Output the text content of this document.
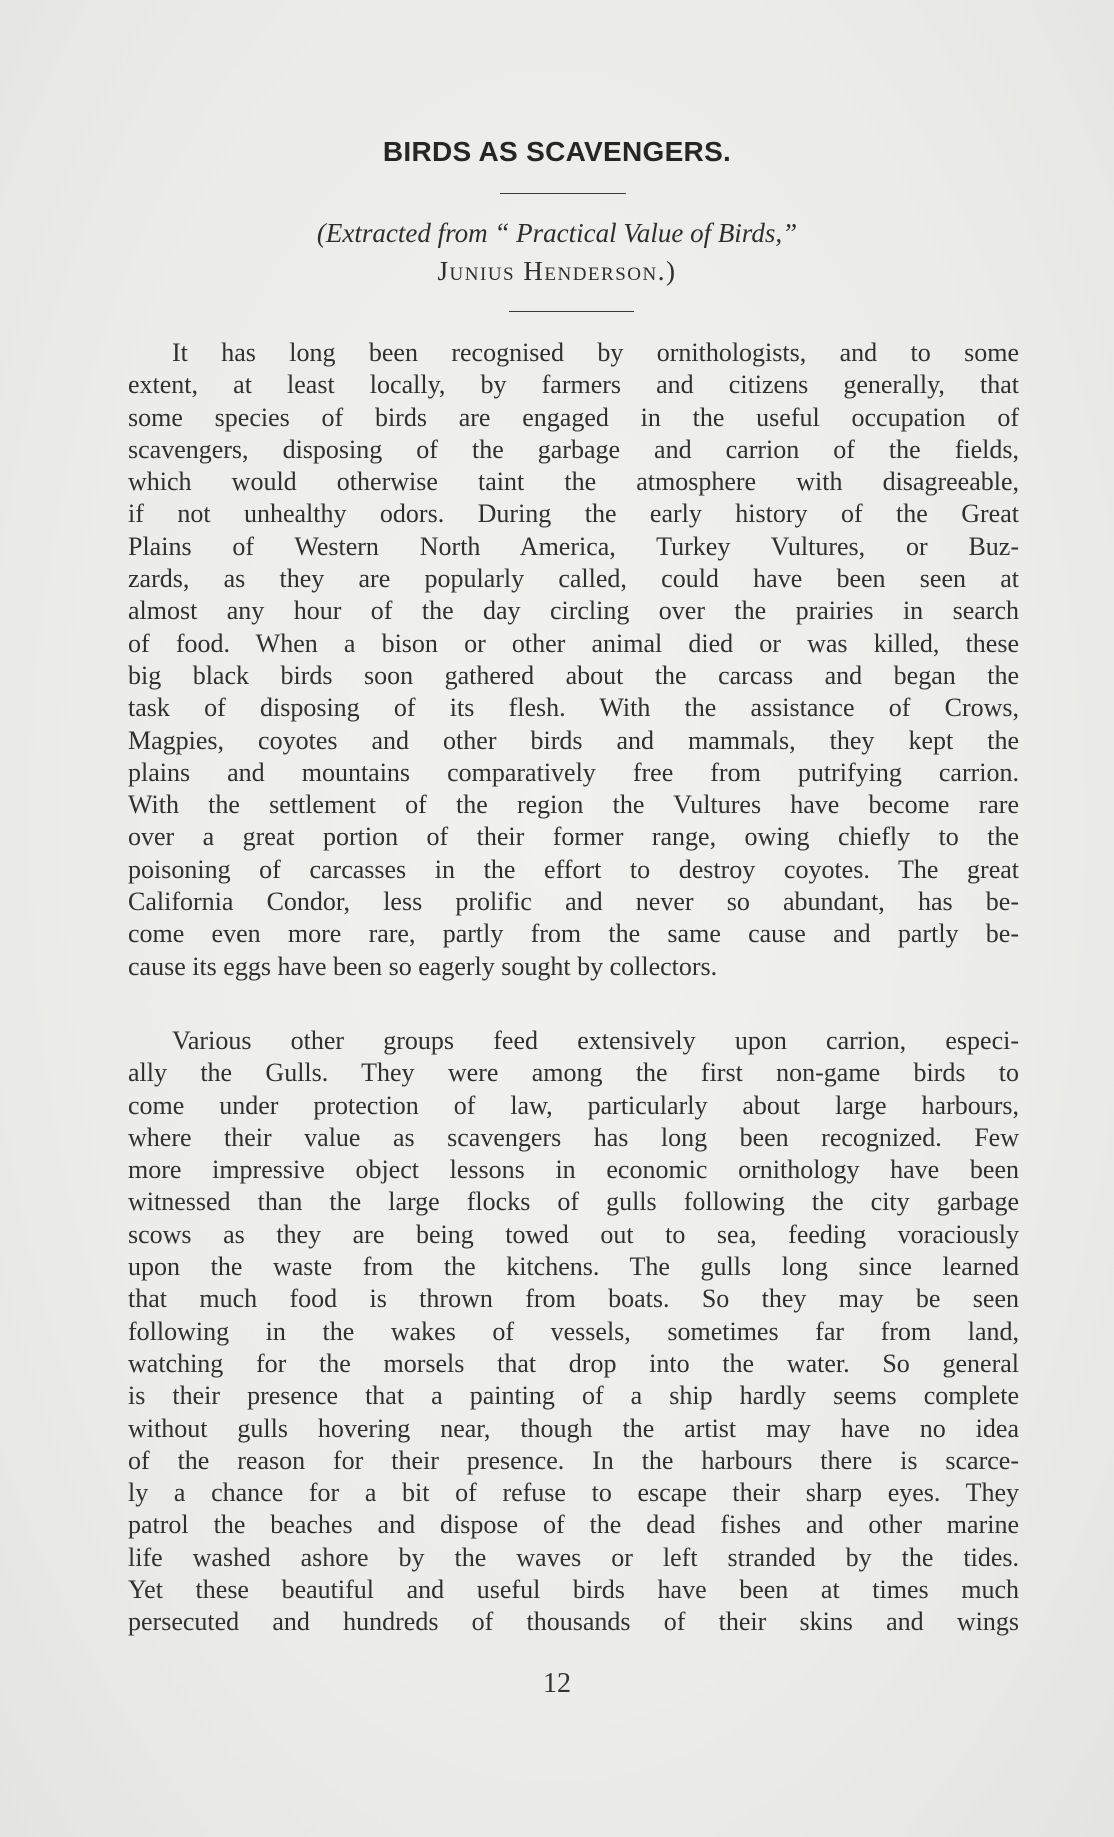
BIRDS AS SCAVENGERS.
(Extracted from “ Practical Value of Birds,”
Junius Henderson.)
It has long been recognised by ornithologists, and to some
extent, at least locally, by farmers and citizens generally, that
some species of birds are engaged in the useful occupation of
scavengers, disposing of the garbage and carrion of the fields,
which would otherwise taint the atmosphere with disagreeable,
if not unhealthy odors. During the early history of the Great
Plains of Western North America, Turkey Vultures, or Buz-
zards, as they are popularly called, could have been seen at
almost any hour of the day circling over the prairies in search
of food. When a bison or other animal died or was killed, these
big black birds soon gathered about the carcass and began the
task of disposing of its flesh. With the assistance of Crows,
Magpies, coyotes and other birds and mammals, they kept the
plains and mountains comparatively free from putrifying carrion.
With the settlement of the region the Vultures have become rare
over a great portion of their former range, owing chiefly to the
poisoning of carcasses in the effort to destroy coyotes. The great
California Condor, less prolific and never so abundant, has be-
come even more rare, partly from the same cause and partly be-
cause its eggs have been so eagerly sought by collectors.
Various other groups feed extensively upon carrion, especi-
ally the Gulls. They were among the first non-game birds to
come under protection of law, particularly about large harbours,
where their value as scavengers has long been recognized. Few
more impressive object lessons in economic ornithology have been
witnessed than the large flocks of gulls following the city garbage
scows as they are being towed out to sea, feeding voraciously
upon the waste from the kitchens. The gulls long since learned
that much food is thrown from boats. So they may be seen
following in the wakes of vessels, sometimes far from land,
watching for the morsels that drop into the water. So general
is their presence that a painting of a ship hardly seems complete
without gulls hovering near, though the artist may have no idea
of the reason for their presence. In the harbours there is scarce-
ly a chance for a bit of refuse to escape their sharp eyes. They
patrol the beaches and dispose of the dead fishes and other marine
life washed ashore by the waves or left stranded by the tides.
Yet these beautiful and useful birds have been at times much
persecuted and hundreds of thousands of their skins and wings
12
